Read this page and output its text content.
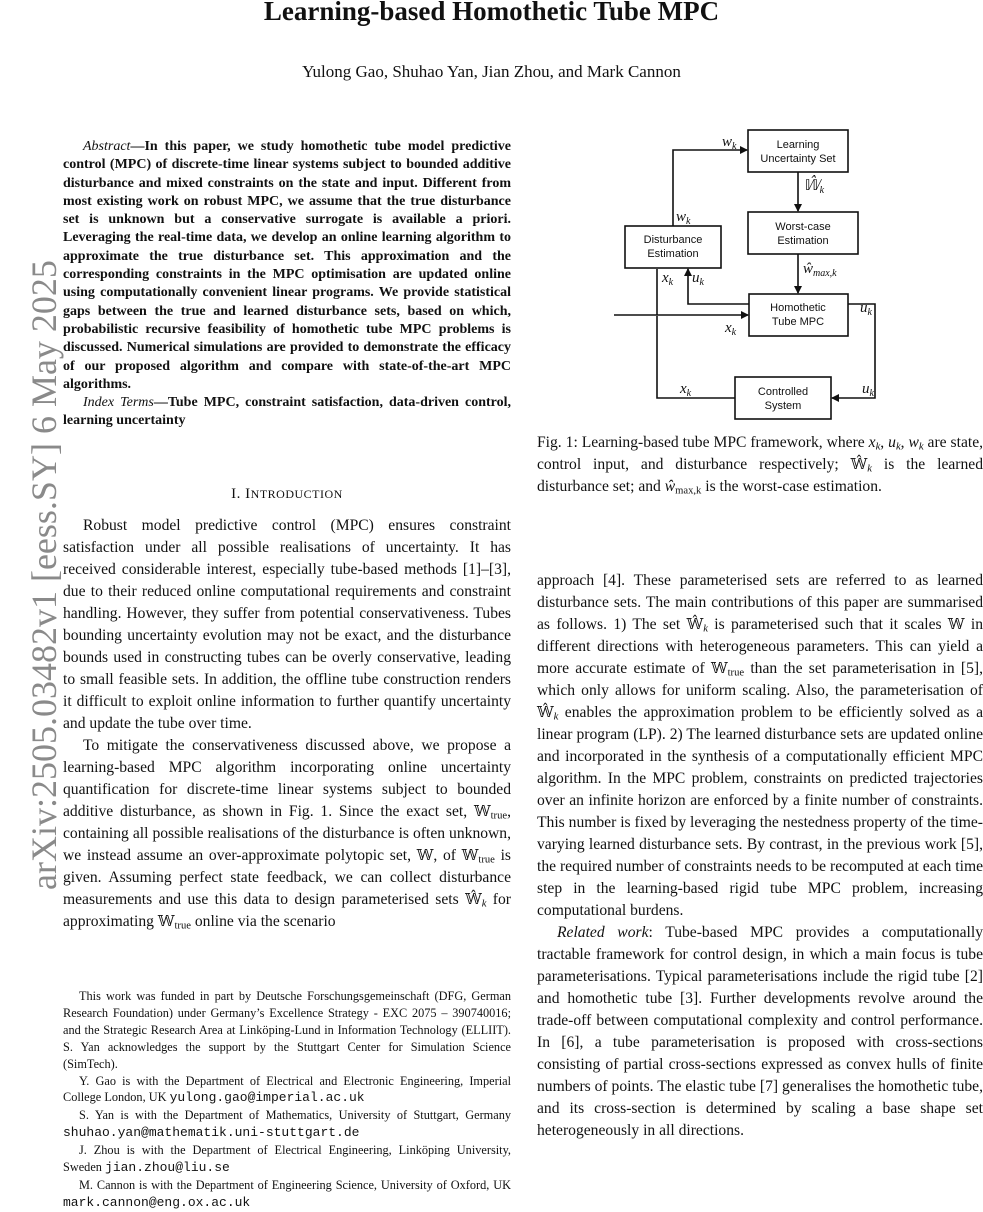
Learning-based Homothetic Tube MPC
Yulong Gao, Shuhao Yan, Jian Zhou, and Mark Cannon
arXiv:2505.03482v1 [eess.SY] 6 May 2025

Abstract—In this paper, we study homothetic tube model predictive control (MPC) of discrete-time linear systems subject to bounded additive disturbance and mixed constraints on the state and input. Different from most existing work on robust MPC, we assume that the true disturbance set is unknown but a conservative surrogate is available a priori. Leveraging the real-time data, we develop an online learning algorithm to approximate the true disturbance set. This approximation and the corresponding constraints in the MPC optimisation are updated online using computationally convenient linear programs. We provide statistical gaps between the true and learned disturbance sets, based on which, probabilistic recursive feasibility of homothetic tube MPC problems is discussed. Numerical simulations are provided to demonstrate the efficacy of our proposed algorithm and compare with state-of-the-art MPC algorithms.

Index Terms—Tube MPC, constraint satisfaction, data-driven control, learning uncertainty

I. INTRODUCTION

Robust model predictive control (MPC) ensures constraint satisfaction under all possible realisations of uncertainty. It has received considerable interest, especially tube-based methods [1]–[3], due to their reduced online computational requirements and constraint handling. However, they suffer from potential conservativeness. Tubes bounding uncertainty evolution may not be exact, and the disturbance bounds used in constructing tubes can be overly conservative, leading to small feasible sets. In addition, the offline tube construction renders it difficult to exploit online information to further quantify uncertainty and update the tube over time.

To mitigate the conservativeness discussed above, we propose a learning-based MPC algorithm incorporating online uncertainty quantification for discrete-time linear systems subject to bounded additive disturbance, as shown in Fig. 1. Since the exact set, 𝕎$_{true}$, containing all possible realisations of the disturbance is often unknown, we instead assume an over-approximate polytopic set, 𝕎, of 𝕎$_{true}$ is given. Assuming perfect state feedback, we can collect disturbance measurements and use this data to design parameterised sets $𝕎̂_k$ for approximating 𝕎$_{true}$ online via the scenario

This work was funded in part by Deutsche Forschungsgemeinschaft (DFG, German Research Foundation) under Germany’s Excellence Strategy - EXC 2075 – 390740016; and the Strategic Research Area at Linköping-Lund in Information Technology (ELLIIT). S. Yan acknowledges the support by the Stuttgart Center for Simulation Science (SimTech).

Y. Gao is with the Department of Electrical and Electronic Engineering, Imperial College London, UK yulong.gao@imperial.ac.uk

S. Yan is with the Department of Mathematics, University of Stuttgart, Germany shuhao.yan@mathematik.uni-stuttgart.de

J. Zhou is with the Department of Electrical Engineering, Linköping University, Sweden jian.zhou@liu.se

M. Cannon is with the Department of Engineering Science, University of Oxford, UK mark.cannon@eng.ox.ac.uk

Learning
Uncertainty Set
Worst-case
Estimation
Disturbance
Estimation
Homothetic
Tube MPC
Controlled
System
$w_k$
$w_k$
$𝕎̂_k$
$ŵ_{max,k}$
$x_k$ $u_k$
$x_k$
$u_k$
$x_k$	$u_k$

Fig. 1: Learning-based tube MPC framework, where $x_k$, $u_k$, $w_k$ are state, control input, and disturbance respectively; $𝕎̂_k$ is the learned disturbance set; and $ŵ_{max,k}$ is the worst-case estimation.

approach [4]. These parameterised sets are referred to as learned disturbance sets. The main contributions of this paper are summarised as follows. 1) The set $𝕎̂_k$ is parameterised such that it scales 𝕎 in different directions with heterogeneous parameters. This can yield a more accurate estimate of 𝕎$_{true}$ than the set parameterisation in [5], which only allows for uniform scaling. Also, the parameterisation of $𝕎̂_k$ enables the approximation problem to be efficiently solved as a linear program (LP). 2) The learned disturbance sets are updated online and incorporated in the synthesis of a computationally efficient MPC algorithm. In the MPC problem, constraints on predicted trajectories over an infinite horizon are enforced by a finite number of constraints. This number is fixed by leveraging the nestedness property of the time-varying learned disturbance sets. By contrast, in the previous work [5], the required number of constraints needs to be recomputed at each time step in the learning-based rigid tube MPC problem, increasing computational burdens.

Related work: Tube-based MPC provides a computationally tractable framework for control design, in which a main focus is tube parameterisations. Typical parameterisations include the rigid tube [2] and homothetic tube [3]. Further developments revolve around the trade-off between computational complexity and control performance. In [6], a tube parameterisation is proposed with cross-sections consisting of partial cross-sections expressed as convex hulls of finite numbers of points. The elastic tube [7] generalises the homothetic tube, and its cross-section is determined by scaling a base shape set heterogeneously in all directions.
